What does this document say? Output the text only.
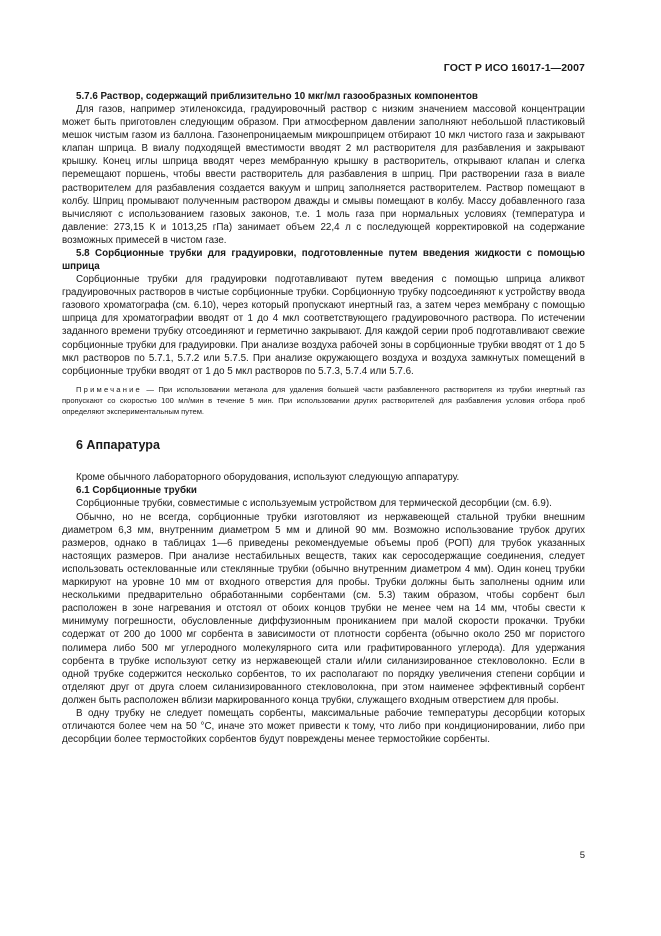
ГОСТ Р ИСО 16017-1—2007

5.7.6 Раствор, содержащий приблизительно 10 мкг/мл газообразных компонентов

Для газов, например этиленоксида, градуировочный раствор с низким значением массовой концентрации может быть приготовлен следующим образом. При атмосферном давлении заполняют небольшой пластиковый мешок чистым газом из баллона. Газонепроницаемым микрошприцем отбирают 10 мкл чистого газа и закрывают клапан шприца. В виалу подходящей вместимости вводят 2 мл растворителя для разбавления и закрывают крышку. Конец иглы шприца вводят через мембранную крышку в растворитель, открывают клапан и слегка перемещают поршень, чтобы ввести растворитель для разбавления в шприц. При растворении газа в виале растворителем для разбавления создается вакуум и шприц заполняется растворителем. Раствор помещают в колбу. Шприц промывают полученным раствором дважды и смывы помещают в колбу. Массу добавленного газа вычисляют с использованием газовых законов, т.е. 1 моль газа при нормальных условиях (температура и давление: 273,15 К и 1013,25 гПа) занимает объем 22,4 л с последующей корректировкой на содержание возможных примесей в чистом газе.

5.8 Сорбционные трубки для градуировки, подготовленные путем введения жидкости с помощью шприца

Сорбционные трубки для градуировки подготавливают путем введения с помощью шприца аликвот градуировочных растворов в чистые сорбционные трубки. Сорбционную трубку подсоединяют к устройству ввода газового хроматографа (см. 6.10), через который пропускают инертный газ, а затем через мембрану с помощью шприца для хроматографии вводят от 1 до 4 мкл соответствующего градуировочного раствора. По истечении заданного времени трубку отсоединяют и герметично закрывают. Для каждой серии проб подготавливают свежие сорбционные трубки для градуировки. При анализе воздуха рабочей зоны в сорбционные трубки вводят от 1 до 5 мкл растворов по 5.7.1, 5.7.2 или 5.7.5. При анализе окружающего воздуха и воздуха замкнутых помещений в сорбционные трубки вводят от 1 до 5 мкл растворов по 5.7.3, 5.7.4 или 5.7.6.

Примечание — При использовании метанола для удаления большей части разбавленного растворителя из трубки инертный газ пропускают со скоростью 100 мл/мин в течение 5 мин. При использовании других растворителей для разбавления условия отбора проб определяют экспериментальным путем.

6 Аппаратура

Кроме обычного лабораторного оборудования, используют следующую аппаратуру.

6.1 Сорбционные трубки

Сорбционные трубки, совместимые с используемым устройством для термической десорбции (см. 6.9).

Обычно, но не всегда, сорбционные трубки изготовляют из нержавеющей стальной трубки внешним диаметром 6,3 мм, внутренним диаметром 5 мм и длиной 90 мм. Возможно использование трубок других размеров, однако в таблицах 1—6 приведены рекомендуемые объемы проб (РОП) для трубок указанных настоящих размеров. При анализе нестабильных веществ, таких как серосодержащие соединения, следует использовать остеклованные или стеклянные трубки (обычно внутренним диаметром 4 мм). Один конец трубки маркируют на уровне 10 мм от входного отверстия для пробы. Трубки должны быть заполнены одним или несколькими предварительно обработанными сорбентами (см. 5.3) таким образом, чтобы сорбент был расположен в зоне нагревания и отстоял от обоих концов трубки не менее чем на 14 мм, чтобы свести к минимуму погрешности, обусловленные диффузионным прониканием при малой скорости прокачки. Трубки содержат от 200 до 1000 мг сорбента в зависимости от плотности сорбента (обычно около 250 мг пористого полимера либо 500 мг углеродного молекулярного сита или графитированного углерода). Для удержания сорбента в трубке используют сетку из нержавеющей стали и/или силанизированное стекловолокно. Если в одной трубке содержится несколько сорбентов, то их располагают по порядку увеличения степени сорбции и отделяют друг от друга слоем силанизированного стекловолокна, при этом наименее эффективный сорбент должен быть расположен вблизи маркированного конца трубки, служащего входным отверстием для пробы.

В одну трубку не следует помещать сорбенты, максимальные рабочие температуры десорбции которых отличаются более чем на 50 °С, иначе это может привести к тому, что либо при кондиционировании, либо при десорбции более термостойких сорбентов будут повреждены менее термостойкие сорбенты.

5
